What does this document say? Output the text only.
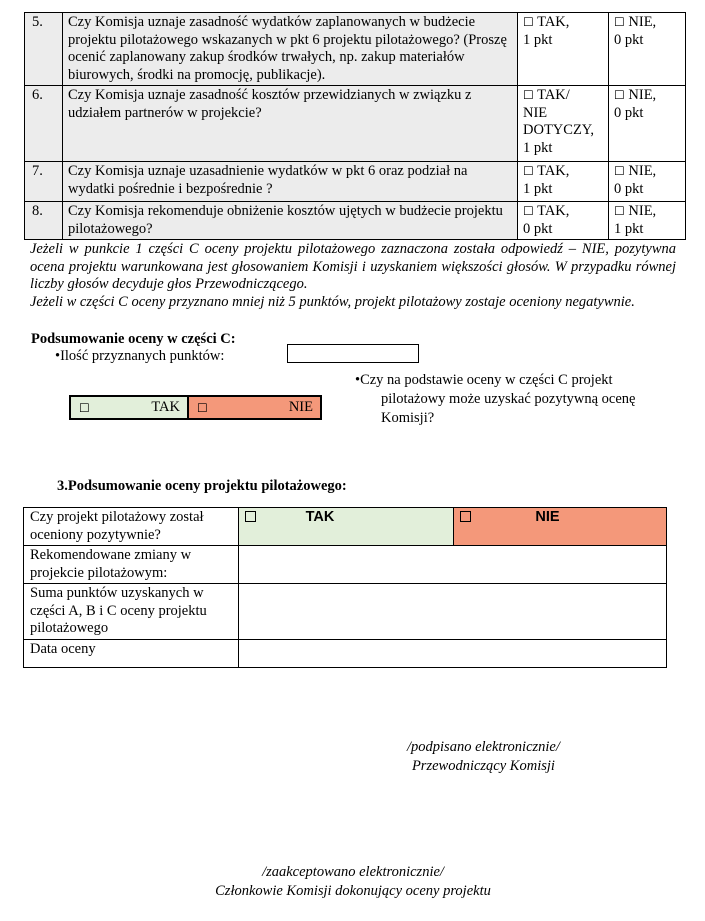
5.	Czy Komisja uznaje zasadność wydatków zaplanowanych w budżecie projektu pilotażowego wskazanych w pkt 6 projektu pilotażowego? (Proszę ocenić zaplanowany zakup środków trwałych, np. zakup materiałów biurowych, środki na promocję, publikacje).	☐ TAK,
1 pkt	☐ NIE,
0 pkt
6.	Czy Komisja uznaje zasadność kosztów przewidzianych w związku z udziałem partnerów w projekcie?	☐ TAK/
NIE DOTYCZY,
1 pkt	☐ NIE,
0 pkt
7.	Czy Komisja uznaje uzasadnienie wydatków w pkt 6 oraz podział na wydatki pośrednie i bezpośrednie ?	☐ TAK,
1 pkt	☐ NIE,
0 pkt
8.	Czy Komisja rekomenduje obniżenie kosztów ujętych w budżecie projektu pilotażowego?	☐ TAK,
0 pkt	☐ NIE,
1 pkt

Jeżeli w punkcie 1 części C oceny projektu pilotażowego zaznaczona została odpowiedź – NIE, pozytywna ocena projektu warunkowana jest głosowaniem Komisji i uzyskaniem większości głosów. W przypadku równej liczby głosów decyduje głos Przewodniczącego.

Jeżeli w części C oceny przyznano mniej niż 5 punktów, projekt pilotażowy zostaje oceniony negatywnie.

Podsumowanie oceny w części C:
•Ilość przyznanych punktów:
•Czy na podstawie oceny w części C projekt
pilotażowy może uzyskać pozytywną ocenę
Komisji?
☐	TAK ☐	NIE
3.Podsumowanie oceny projektu pilotażowego:
Czy projekt pilotażowy został oceniony pozytywnie?	TAK	NIE
Rekomendowane zmiany w projekcie pilotażowym:		
Suma punktów uzyskanych w części A, B i C oceny projektu pilotażowego		
Data oceny		
/podpisano elektronicznie/
Przewodniczący Komisji
/zaakceptowano elektronicznie/
Członkowie Komisji dokonujący oceny projektu
